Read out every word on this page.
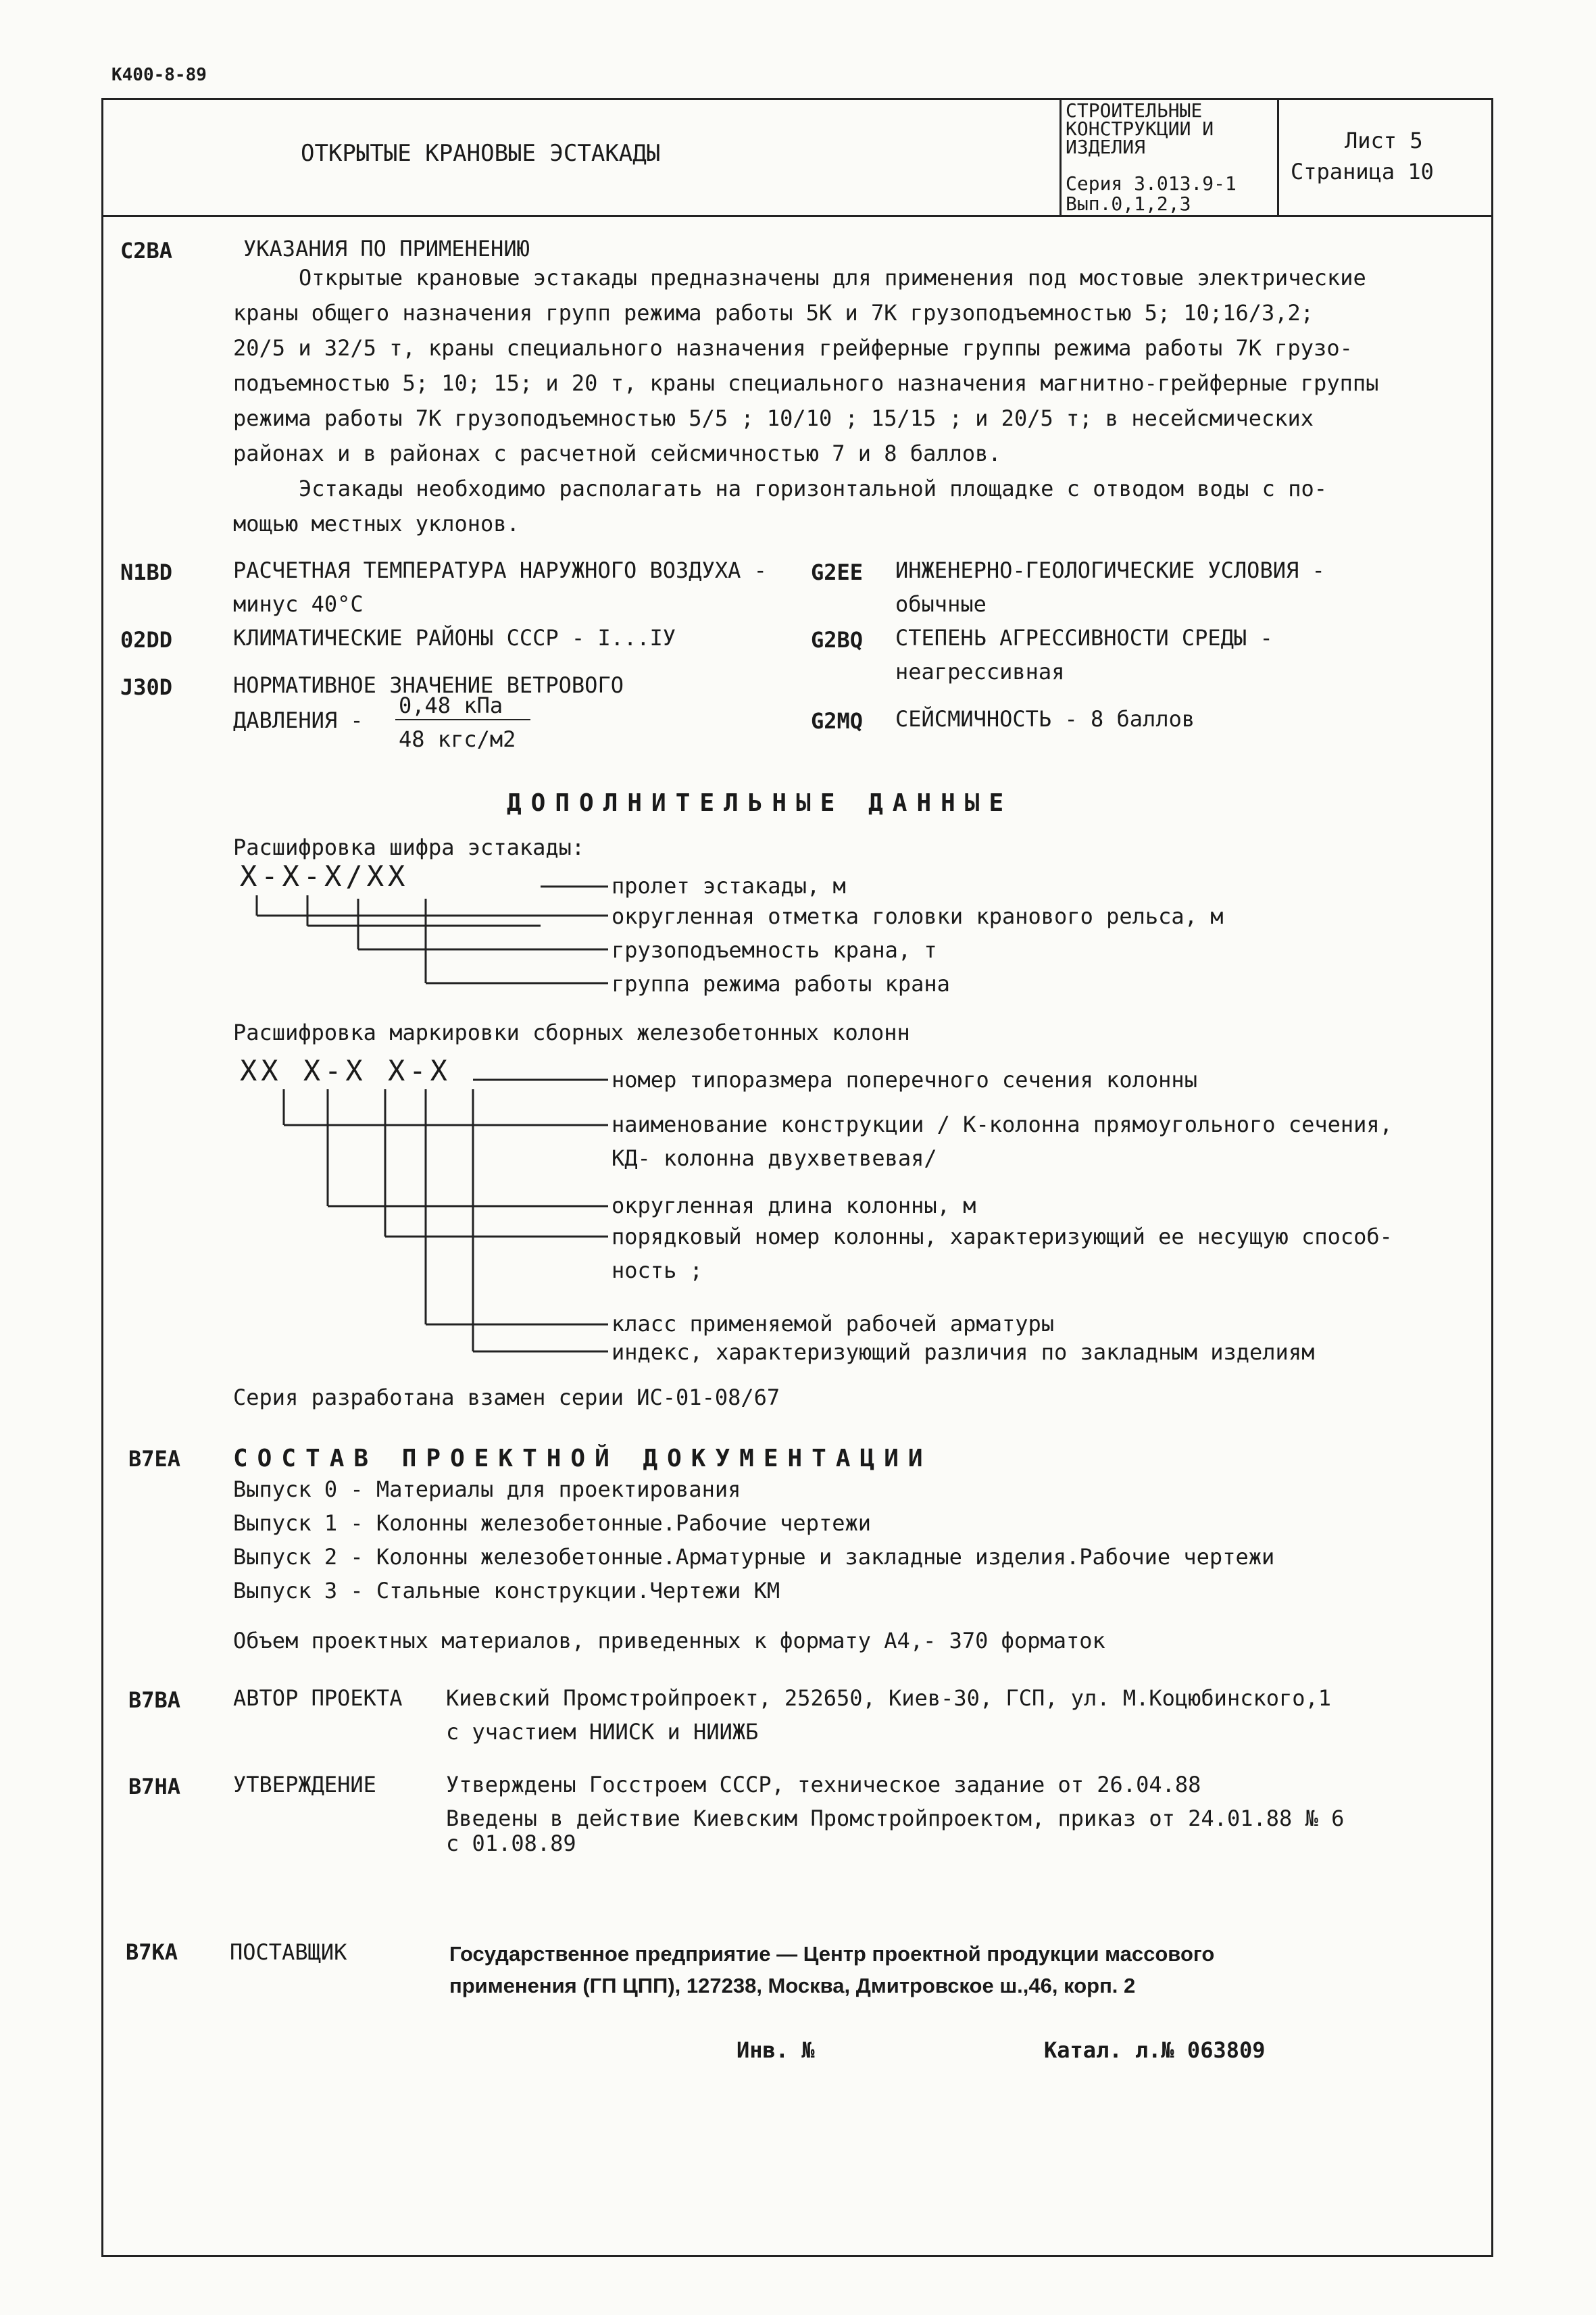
К400-8-89
ОТКРЫТЫЕ КРАНОВЫЕ ЭСТАКАДЫ
СТРОИТЕЛЬНЫЕ
КОНСТРУКЦИИ И
ИЗДЕЛИЯ
Серия 3.013.9-1
Вып.0,1,2,3
Лист 5
Страница 10
С2ВА	УКАЗАНИЯ ПО ПРИМЕНЕНИЮ
Открытые крановые эстакады предназначены для применения под мостовые электрические
краны общего назначения групп режима работы 5К и 7К грузоподъемностью 5; 10;16/3,2;
20/5 и 32/5 т, краны специального назначения грейферные группы режима работы 7К грузо-
подъемностью 5; 10; 15; и 20 т, краны специального назначения магнитно-грейферные группы
режима работы 7К грузоподъемностью 5/5 ; 10/10 ; 15/15 ; и 20/5 т; в несейсмических
районах и в районах с расчетной сейсмичностью 7 и 8 баллов.
Эстакады необходимо располагать на горизонтальной площадке с отводом воды с по-
мощью местных уклонов.
N1BD	РАСЧЕТНАЯ ТЕМПЕРАТУРА НАРУЖНОГО ВОЗДУХА -
минус 40°С
02DD	КЛИМАТИЧЕСКИЕ РАЙОНЫ СССР - I...IУ
J30D	НОРМАТИВНОЕ ЗНАЧЕНИЕ ВЕТРОВОГО
ДАВЛЕНИЯ -
0,48 кПа
48 кгс/м2
G2EE ИНЖЕНЕРНО-ГЕОЛОГИЧЕСКИЕ УСЛОВИЯ -
обычные
G2BQ СТЕПЕНЬ АГРЕССИВНОСТИ СРЕДЫ -
неагрессивная
G2MQ СЕЙСМИЧНОСТЬ - 8 баллов
ДОПОЛНИТЕЛЬНЫЕ ДАННЫЕ
Расшифровка шифра эстакады:
Х-Х-Х/ХХ	пролет эстакады, м
округленная отметка головки кранового рельса, м
грузоподъемность крана, т
группа режима работы крана
Расшифровка маркировки сборных железобетонных колонн
ХХ Х-Х Х-Х	номер типоразмера поперечного сечения колонны
наименование конструкции / К-колонна прямоугольного сечения,
КД- колонна двухветвевая/
округленная длина колонны, м
порядковый номер колонны, характеризующий ее несущую способ-
ность ;
класс применяемой рабочей арматуры
индекс, характеризующий различия по закладным изделиям
Серия разработана взамен серии ИС-01-08/67
В7ЕА СОСТАВ ПРОЕКТНОЙ ДОКУМЕНТАЦИИ
Выпуск 0 - Материалы для проектирования
Выпуск 1 - Колонны железобетонные.Рабочие чертежи
Выпуск 2 - Колонны железобетонные.Арматурные и закладные изделия.Рабочие чертежи
Выпуск 3 - Стальные конструкции.Чертежи КМ
Объем проектных материалов, приведенных к формату А4,- 370 форматок
В7ВА АВТОР ПРОЕКТА Киевский Промстройпроект, 252650, Киев-30, ГСП, ул. М.Коцюбинского,1
с участием НИИСК и НИИЖБ
В7НА УТВЕРЖДЕНИЕ	Утверждены Госстроем СССР, техническое задание от 26.04.88
Введены в действие Киевским Промстройпроектом, приказ от 24.01.88 № 6
с 01.08.89
В7КА ПОСТАВЩИК	Государственное предприятие — Центр проектной продукции массового
применения (ГП ЦПП), 127238, Москва, Дмитровское ш.,46, корп. 2
Инв. №	Катал. л.№ 063809
